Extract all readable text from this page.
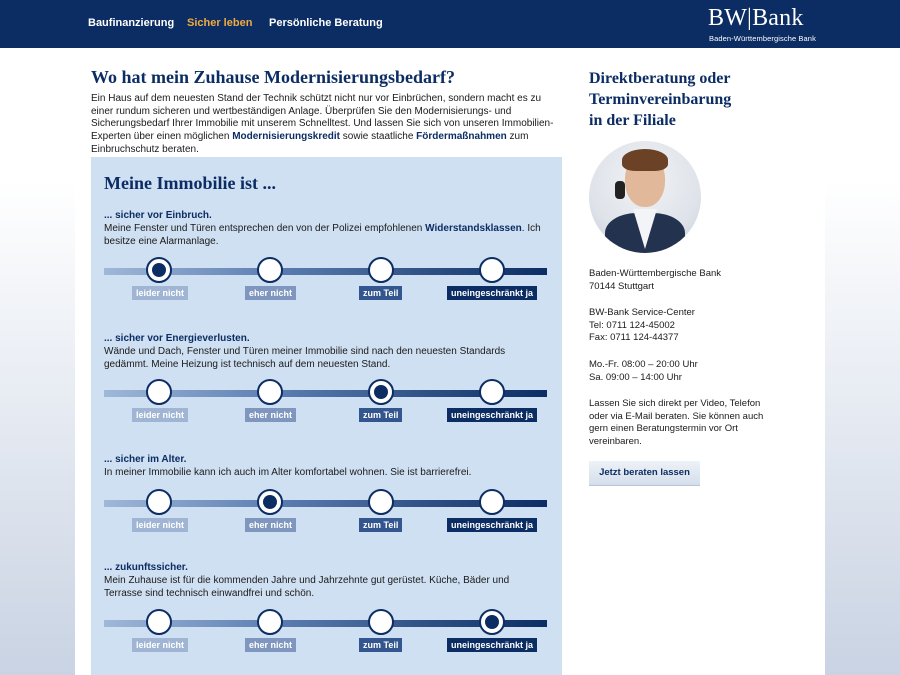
Baufinanzierung Sicher leben Persönliche Beratung	BW|Bank
Baden-Württembergische Bank
Wo hat mein Zuhause Modernisierungsbedarf?

Ein Haus auf dem neuesten Stand der Technik schützt nicht nur vor Einbrüchen, sondern macht es zu einer rundum sicheren und wertbeständigen Anlage. Überprüfen Sie den Modernisierungs- und Sicherungsbedarf Ihrer Immobilie mit unserem Schnelltest. Und lassen Sie sich von unseren Immobilien-Experten über einen möglichen Modernisierungskredit sowie staatliche Fördermaßnahmen zum Einbruchschutz beraten.

Meine Immobilie ist ...
... sicher vor Einbruch.
Meine Fenster und Türen entsprechen den von der Polizei empfohlenen Widerstandsklassen. Ich besitze eine Alarmanlage.
leider nicht	eher nicht	zum Teil	uneingeschränkt ja
... sicher vor Energieverlusten.
Wände und Dach, Fenster und Türen meiner Immobilie sind nach den neuesten Standards gedämmt. Meine Heizung ist technisch auf dem neuesten Stand.
leider nicht	eher nicht	zum Teil	uneingeschränkt ja
... sicher im Alter.
In meiner Immobilie kann ich auch im Alter komfortabel wohnen. Sie ist barrierefrei.
leider nicht	eher nicht	zum Teil	uneingeschränkt ja
... zukunftssicher.
Mein Zuhause ist für die kommenden Jahre und Jahrzehnte gut gerüstet. Küche, Bäder und Terrasse sind technisch einwandfrei und schön.
leider nicht	eher nicht	zum Teil	uneingeschränkt ja
Direktberatung oder
Terminvereinbarung
in der Filiale
Baden-Württembergische Bank
70144 Stuttgart
BW-Bank Service-Center
Tel: 0711 124-45002
Fax: 0711 124-44377
Mo.-Fr. 08:00 – 20:00 Uhr
Sa. 09:00 – 14:00 Uhr
Lassen Sie sich direkt per Video, Telefon oder via E-Mail beraten. Sie können auch gern einen Beratungstermin vor Ort vereinbaren.
Jetzt beraten lassen
